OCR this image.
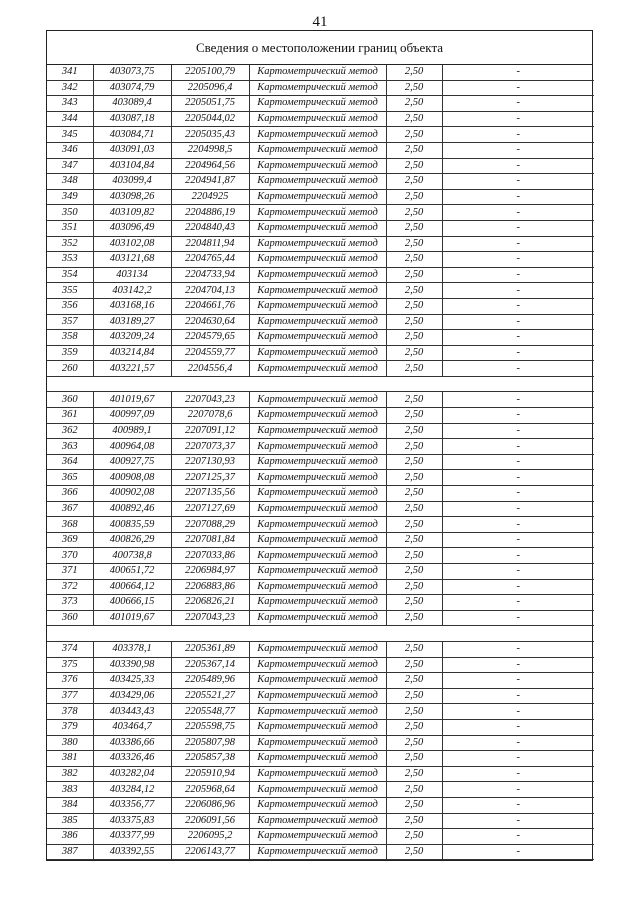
41
Сведения о местоположении границ объекта
341	403073,75	2205100,79	Картометрический метод	2,50	-
342	403074,79	2205096,4	Картометрический метод	2,50	-
343	403089,4	2205051,75	Картометрический метод	2,50	-
344	403087,18	2205044,02	Картометрический метод	2,50	-
345	403084,71	2205035,43	Картометрический метод	2,50	-
346	403091,03	2204998,5	Картометрический метод	2,50	-
347	403104,84	2204964,56	Картометрический метод	2,50	-
348	403099,4	2204941,87	Картометрический метод	2,50	-
349	403098,26	2204925	Картометрический метод	2,50	-
350	403109,82	2204886,19	Картометрический метод	2,50	-
351	403096,49	2204840,43	Картометрический метод	2,50	-
352	403102,08	2204811,94	Картометрический метод	2,50	-
353	403121,68	2204765,44	Картометрический метод	2,50	-
354	403134	2204733,94	Картометрический метод	2,50	-
355	403142,2	2204704,13	Картометрический метод	2,50	-
356	403168,16	2204661,76	Картометрический метод	2,50	-
357	403189,27	2204630,64	Картометрический метод	2,50	-
358	403209,24	2204579,65	Картометрический метод	2,50	-
359	403214,84	2204559,77	Картометрический метод	2,50	-
260	403221,57	2204556,4	Картометрический метод	2,50	-

360	401019,67	2207043,23	Картометрический метод	2,50	-
361	400997,09	2207078,6	Картометрический метод	2,50	-
362	400989,1	2207091,12	Картометрический метод	2,50	-
363	400964,08	2207073,37	Картометрический метод	2,50	-
364	400927,75	2207130,93	Картометрический метод	2,50	-
365	400908,08	2207125,37	Картометрический метод	2,50	-
366	400902,08	2207135,56	Картометрический метод	2,50	-
367	400892,46	2207127,69	Картометрический метод	2,50	-
368	400835,59	2207088,29	Картометрический метод	2,50	-
369	400826,29	2207081,84	Картометрический метод	2,50	-
370	400738,8	2207033,86	Картометрический метод	2,50	-
371	400651,72	2206984,97	Картометрический метод	2,50	-
372	400664,12	2206883,86	Картометрический метод	2,50	-
373	400666,15	2206826,21	Картометрический метод	2,50	-
360	401019,67	2207043,23	Картометрический метод	2,50	-

374	403378,1	2205361,89	Картометрический метод	2,50	-
375	403390,98	2205367,14	Картометрический метод	2,50	-
376	403425,33	2205489,96	Картометрический метод	2,50	-
377	403429,06	2205521,27	Картометрический метод	2,50	-
378	403443,43	2205548,77	Картометрический метод	2,50	-
379	403464,7	2205598,75	Картометрический метод	2,50	-
380	403386,66	2205807,98	Картометрический метод	2,50	-
381	403326,46	2205857,38	Картометрический метод	2,50	-
382	403282,04	2205910,94	Картометрический метод	2,50	-
383	403284,12	2205968,64	Картометрический метод	2,50	-
384	403356,77	2206086,96	Картометрический метод	2,50	-
385	403375,83	2206091,56	Картометрический метод	2,50	-
386	403377,99	2206095,2	Картометрический метод	2,50	-
387	403392,55	2206143,77	Картометрический метод	2,50	-
